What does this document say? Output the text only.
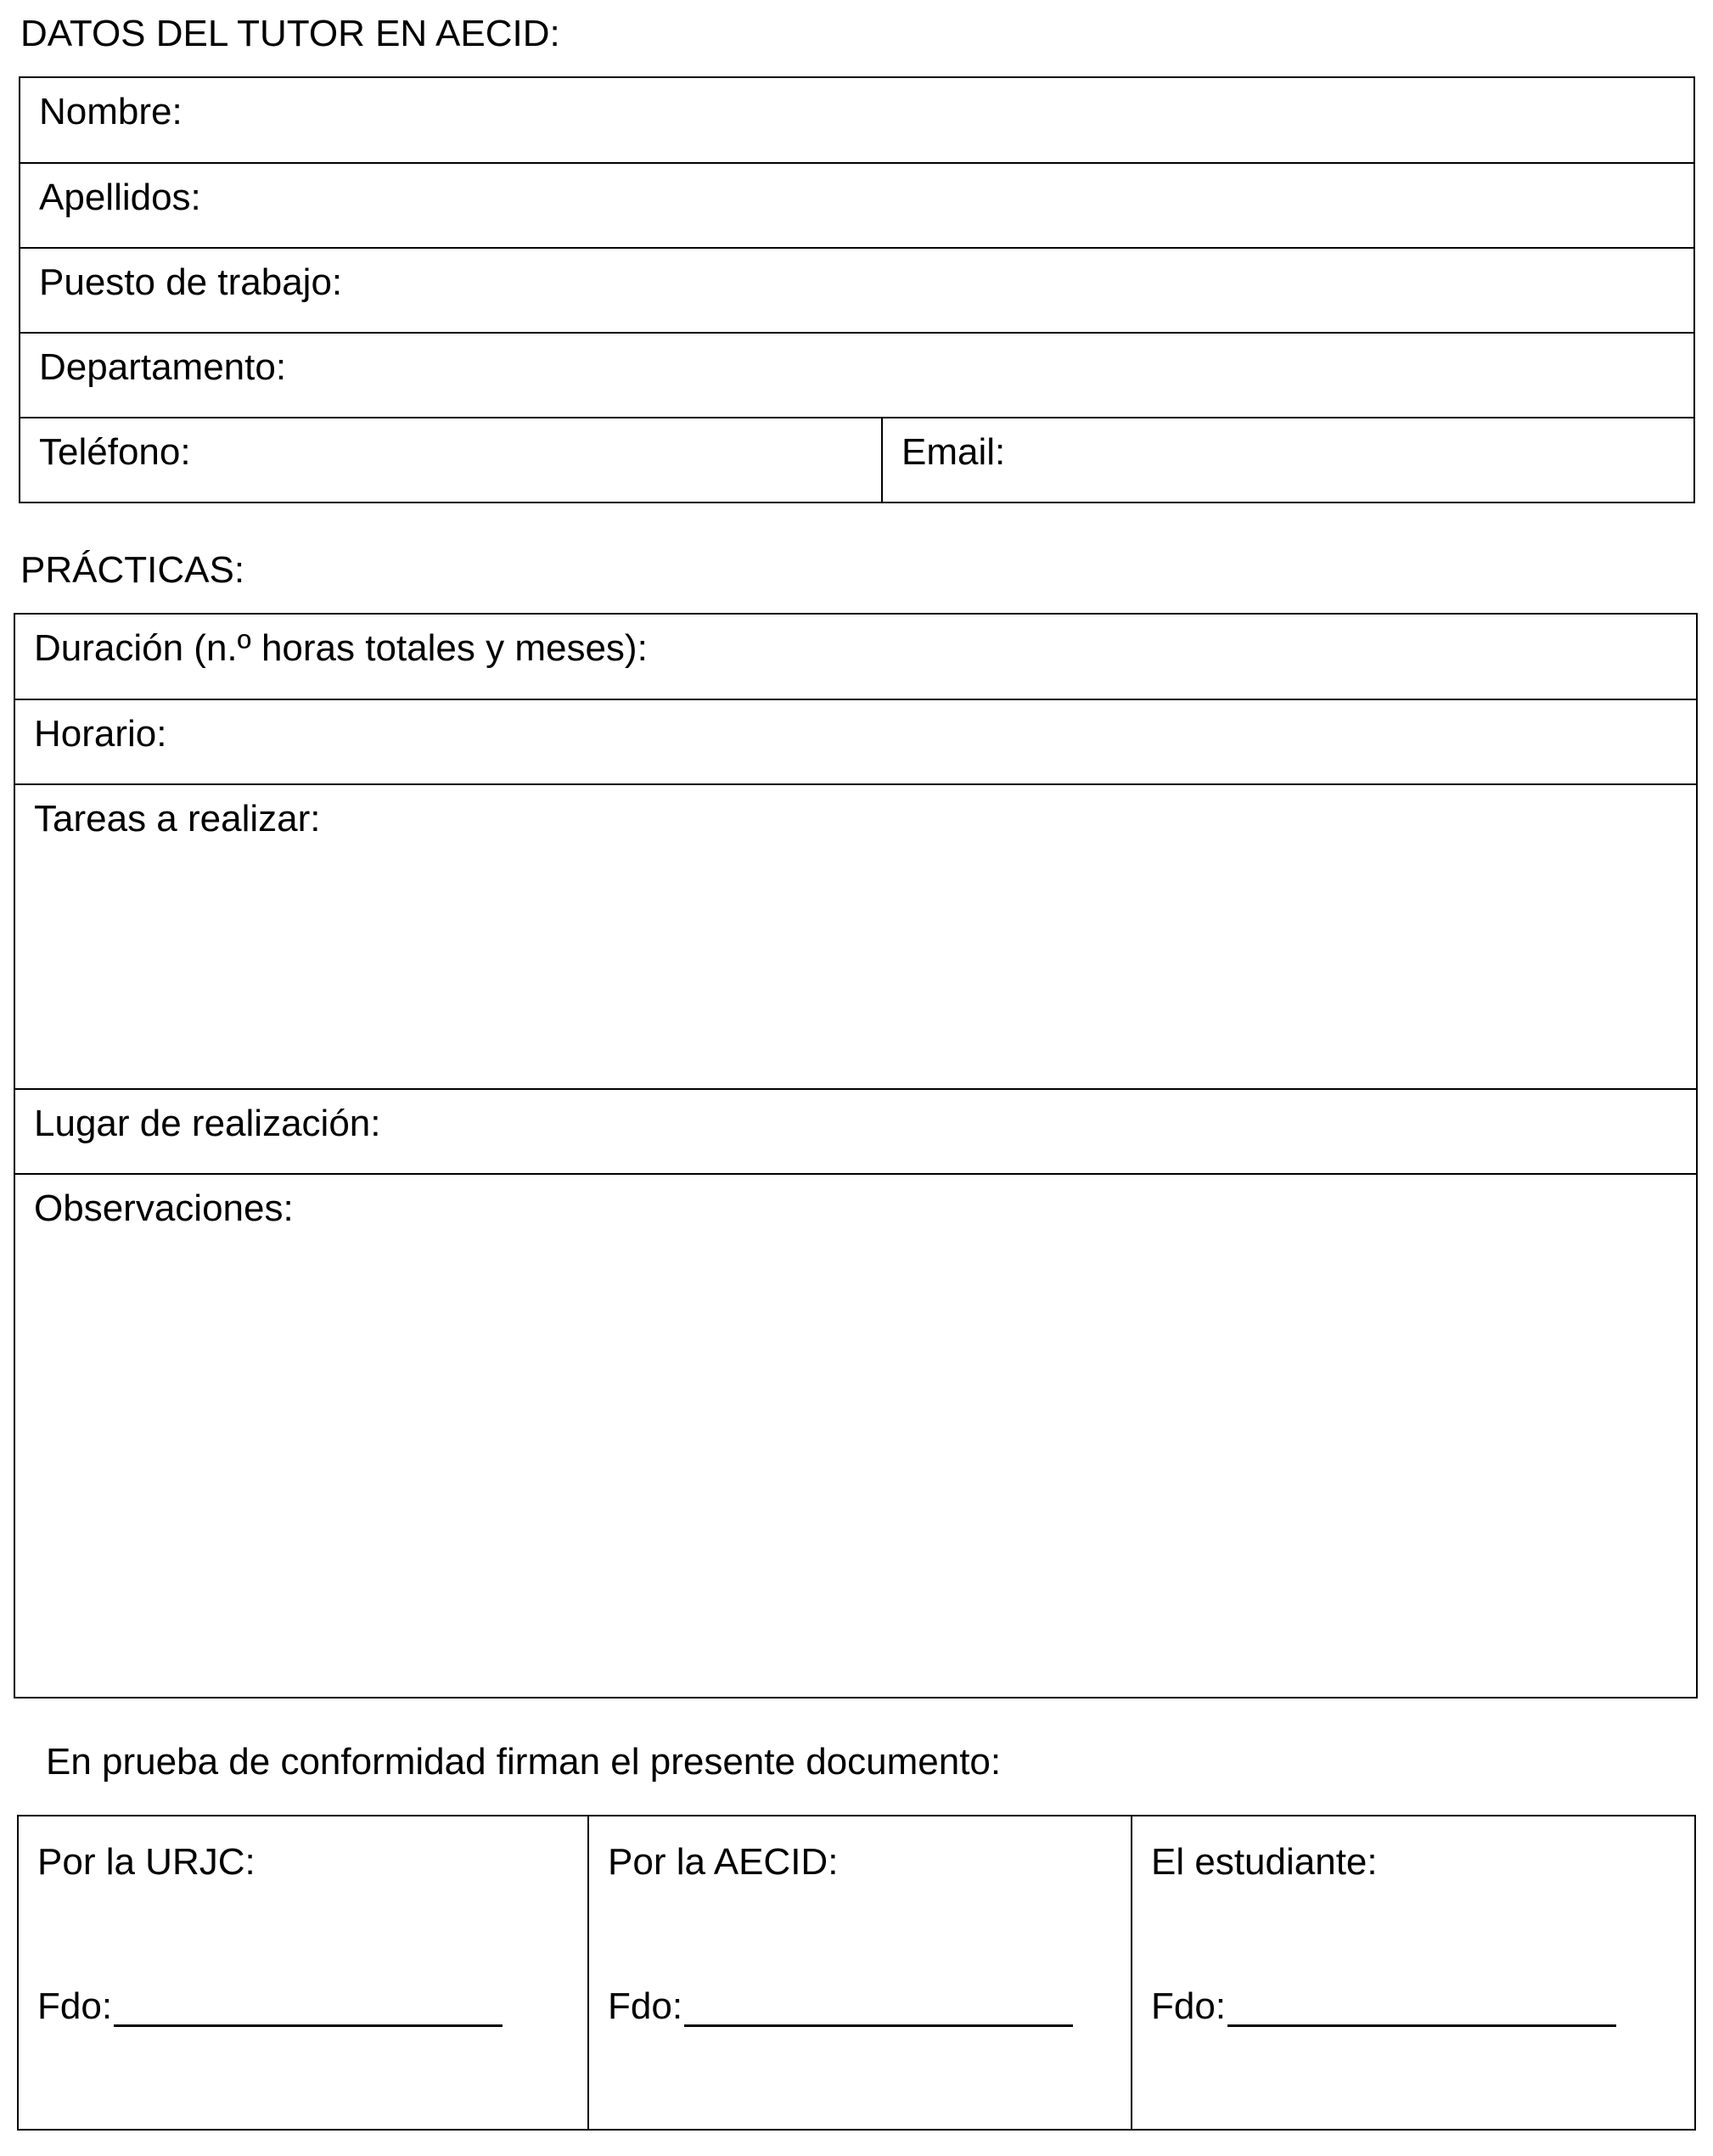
DATOS DEL TUTOR EN AECID:
Nombre:
Apellidos:
Puesto de trabajo:
Departamento:
Teléfono:	Email:
PRÁCTICAS:
Duración (n.º horas totales y meses):
Horario:
Tareas a realizar:
Lugar de realización:
Observaciones:
En prueba de conformidad firman el presente documento:
Por la URJC:
Fdo:
Por la AECID:
Fdo:
El estudiante:
Fdo:
